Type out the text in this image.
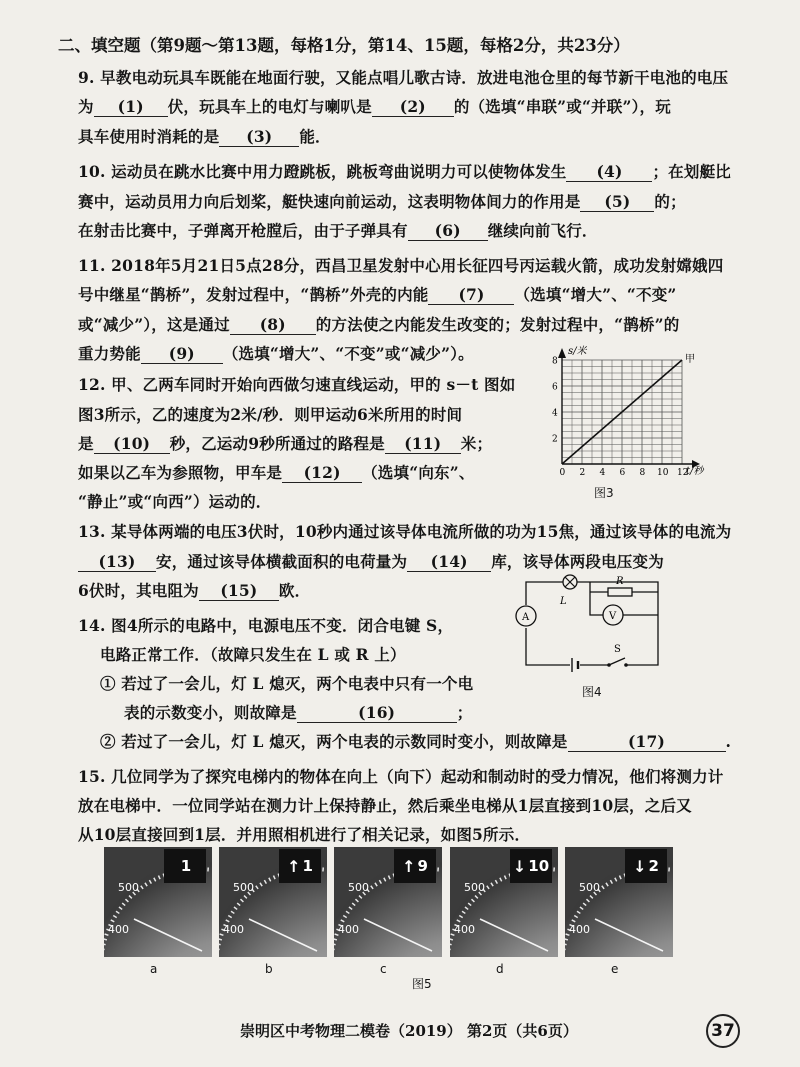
二、填空题（第9题～第13题，每格1分，第14、15题，每格2分，共23分）
9. 早教电动玩具车既能在地面行驶，又能点唱儿歌古诗．放进电池仓里的每节新干电池的电压
为 (1) 伏，玩具车上的电灯与喇叭是 (2) 的（选填“串联”或“并联”），玩
具车使用时消耗的是 (3) 能．
10. 运动员在跳水比赛中用力蹬跳板，跳板弯曲说明力可以使物体发生 (4) ；在划艇比
赛中，运动员用力向后划桨，艇快速向前运动，这表明物体间力的作用是 (5) 的；
在射击比赛中，子弹离开枪膛后，由于子弹具有 (6) 继续向前飞行．
11. 2018年5月21日5点28分，西昌卫星发射中心用长征四号丙运载火箭，成功发射嫦娥四
号中继星“鹊桥”，发射过程中，“鹊桥”外壳的内能 (7) （选填“增大”、“不变”
或“减少”），这是通过 (8) 的方法使之内能发生改变的；发射过程中，“鹊桥”的
重力势能 (9) （选填“增大”、“不变”或“减少”）。
12. 甲、乙两车同时开始向西做匀速直线运动，甲的 s－t 图如
图3所示，乙的速度为2米/秒．则甲运动6米所用的时间
是 (10) 秒，乙运动9秒所通过的路程是 (11) 米；
如果以乙车为参照物，甲车是 (12) （选填“向东”、
“静止”或“向西”）运动的．
s/米
t/秒
2
4
6
8
0 2 4 6 8 10 12
甲
图3
13. 某导体两端的电压3伏时，10秒内通过该导体电流所做的功为15焦，通过该导体的电流为
(13) 安，通过该导体横截面积的电荷量为 (14) 库，该导体两段电压变为
6伏时，其电阻为 (15) 欧．
14. 图4所示的电路中，电源电压不变．闭合电键 S，
电路正常工作．（故障只发生在 L 或 R 上）
① 若过了一会儿，灯 L 熄灭，两个电表中只有一个电
表的示数变小，则故障是	(16)	；
② 若过了一会儿，灯 L 熄灭，两个电表的示数同时变小，则故障是	(17)	.
L
R
A	V
S
图4
15. 几位同学为了探究电梯内的物体在向上（向下）起动和制动时的受力情况，他们将测力计
放在电梯中．一位同学站在测力计上保持静止，然后乘坐电梯从1层直接到10层，之后又
从10层直接回到1层．并用照相机进行了相关记录，如图5所示．
500
400
1
a
500
400
↑ 1
b
500
400
↑ 9
c
500
400
↓ 10
d
500
400
↓ 2
e
图5
崇明区中考物理二模卷（2019） 第2页（共6页）	37
